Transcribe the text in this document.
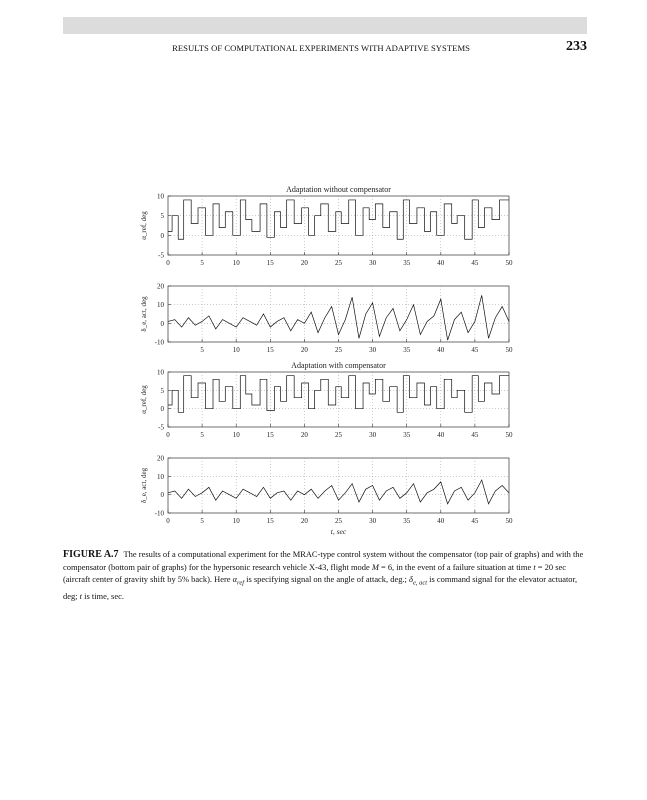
RESULTS OF COMPUTATIONAL EXPERIMENTS WITH ADAPTIVE SYSTEMS	233
0	5	10	15	20	25	30	35	40	45	50
10
5
0
-5
Adaptation without compensator
α_ref, deg
5	10	15	20	25	30	35	40	45	50
20
10
0
-10
δ_e, act, deg
0	5	10	15	20	25	30	35	40	45	50
10
5
0
-5
Adaptation with compensator
α_ref, deg
0	5	10	15	20	25	30	35	40	45	50
20
10
0
-10
δ_e, act, deg
t, sec
FIGURE A.7 The results of a computational experiment for the MRAC-type control system without the compensator (top pair of graphs) and with the compensator (bottom pair of graphs) for the hypersonic research vehicle X-43, flight mode M = 6, in the event of a failure situation at time t = 20 sec (aircraft center of gravity shift by 5% back). Here $\alpha_{ref}$ is specifying signal on the angle of attack, deg.; $\delta_{e, act}$ is command signal for the elevator actuator, deg; t is time, sec.
